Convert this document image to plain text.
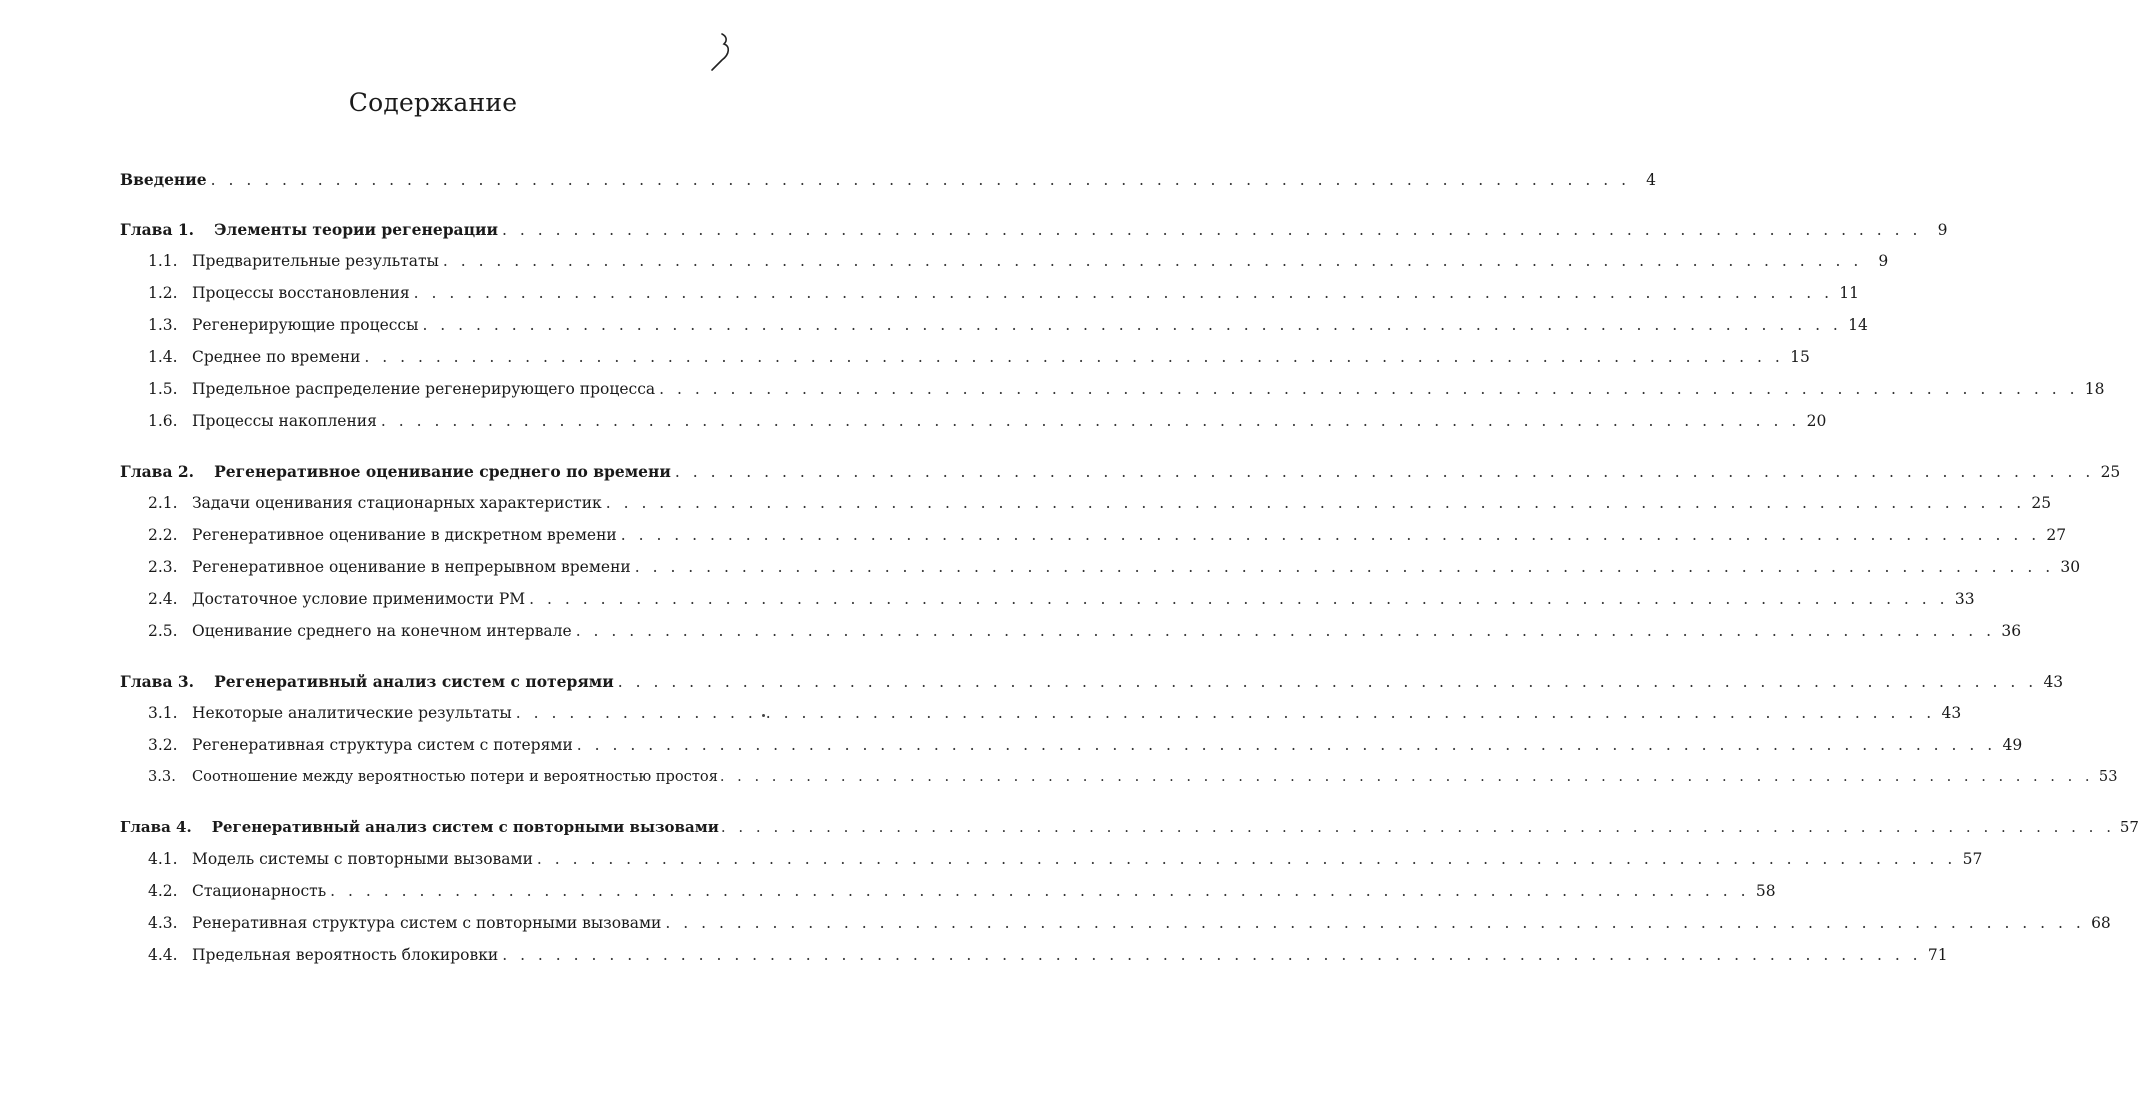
Содержание
Введение . . .	4
Глава 1. Элементы теории регенерации . . .	9
1.1. Предварительные результаты . . .	9
1.2. Процессы восстановления . . .	11
1.3. Регенерирующие процессы . . .	14
1.4. Среднее по времени . . .	15
1.5. Предельное распределение регенерирующего процесса . . .	18
1.6. Процессы накопления . . .	20
Глава 2. Регенеративное оценивание среднего по времени . . .	25
2.1. Задачи оценивания стационарных характеристик . . .	25
2.2. Регенеративное оценивание в дискретном времени . . .	27
2.3. Регенеративное оценивание в непрерывном времени . . .	30
2.4. Достаточное условие применимости РМ . . .	33
2.5. Оценивание среднего на конечном интервале . . .	36
Глава 3. Регенеративный анализ систем с потерями . . .	43
3.1. Некоторые аналитические результаты . . .	43
3.2. Регенеративная структура систем с потерями . . .	49
3.3.	Соотношение между вероятностью потери и вероятностью простоя . . .	53
Глава 4. Регенеративный анализ систем с повторными вызовами . . .	57
4.1. Модель системы с повторными вызовами . . .	57
4.2. Стационарность . . .	58
4.3. Ренеративная структура систем с повторными вызовами . . .	68
4.4. Предельная вероятность блокировки . . .	71
